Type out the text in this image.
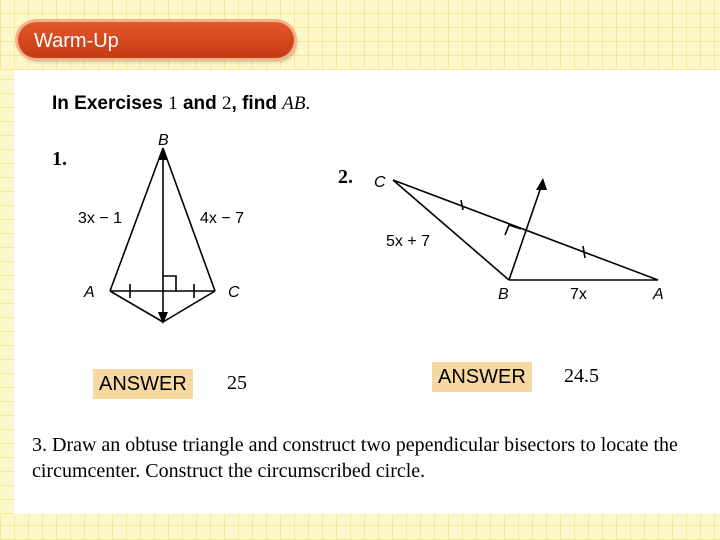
Warm-Up
In Exercises 1 and 2, find AB.
1.
2.
B
A	C
3x − 1	4x − 7
C
B	A
5x + 7
7x
ANSWER	25	ANSWER	24.5
3. Draw an obtuse triangle and construct two pependicular bisectors to locate the circumcenter. Construct the circumscribed circle.
